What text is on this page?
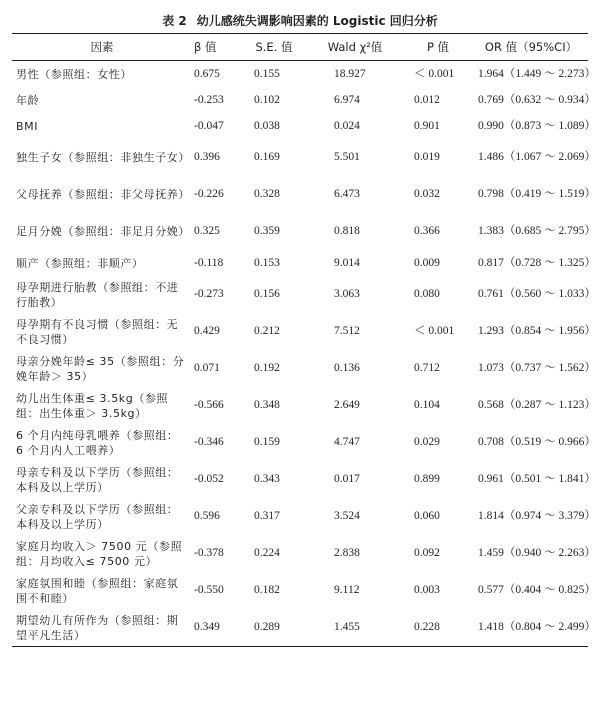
表 2 幼儿感统失调影响因素的 Logistic 回归分析
因素	β 值	S.E. 值	Wald χ²值	P 值	OR 值（95%CI）
男性（参照组：女性）	0.675	0.155	18.927	＜ 0.001	1.964（1.449 ～ 2.273）
年龄	-0.253	0.102	6.974	0.012	0.769（0.632 ～ 0.934）
BMI	-0.047	0.038	0.024	0.901	0.990（0.873 ～ 1.089）
独生子女（参照组：非独生子女）	0.396	0.169	5.501	0.019	1.486（1.067 ～ 2.069）
父母抚养（参照组：非父母抚养）	-0.226	0.328	6.473	0.032	0.798（0.419 ～ 1.519）
足月分娩（参照组：非足月分娩）	0.325	0.359	0.818	0.366	1.383（0.685 ～ 2.795）
顺产（参照组：非顺产）	-0.118	0.153	9.014	0.009	0.817（0.728 ～ 1.325）
母孕期进行胎教（参照组：不进行胎教）	-0.273	0.156	3.063	0.080	0.761（0.560 ～ 1.033）
母孕期有不良习惯（参照组：无不良习惯）	0.429	0.212	7.512	＜ 0.001	1.293（0.854 ～ 1.956）
母亲分娩年龄≤ 35（参照组：分娩年龄＞ 35）	0.071	0.192	0.136	0.712	1.073（0.737 ～ 1.562）
幼儿出生体重≤ 3.5kg（参照组：出生体重＞ 3.5kg）	-0.566	0.348	2.649	0.104	0.568（0.287 ～ 1.123）
6 个月内纯母乳喂养（参照组：6 个月内人工喂养）	-0.346	0.159	4.747	0.029	0.708（0.519 ～ 0.966）
母亲专科及以下学历（参照组：本科及以上学历）	-0.052	0.343	0.017	0.899	0.961（0.501 ～ 1.841）
父亲专科及以下学历（参照组：本科及以上学历）	0.596	0.317	3.524	0.060	1.814（0.974 ～ 3.379）
家庭月均收入＞ 7500 元（参照组：月均收入≤ 7500 元）	-0.378	0.224	2.838	0.092	1.459（0.940 ～ 2.263）
家庭氛围和睦（参照组：家庭氛围不和睦）	-0.550	0.182	9.112	0.003	0.577（0.404 ～ 0.825）
期望幼儿有所作为（参照组：期望平凡生活）	0.349	0.289	1.455	0.228	1.418（0.804 ～ 2.499）
